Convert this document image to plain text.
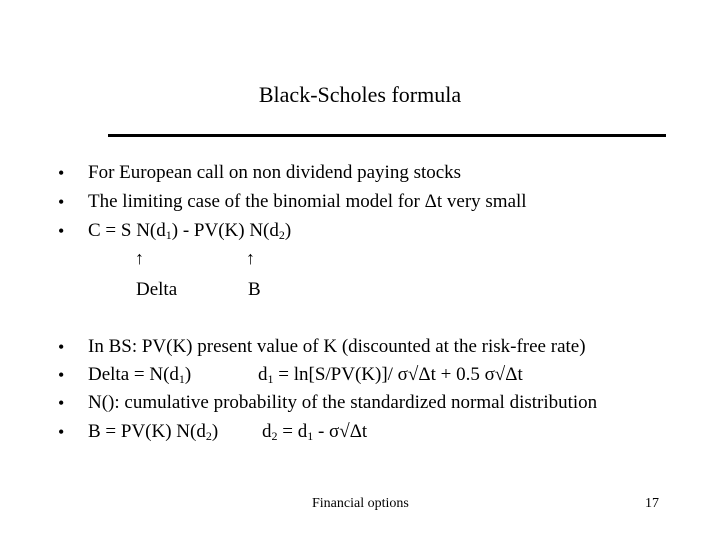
Black-Scholes formula
• For European call on non dividend paying stocks
• The limiting case of the binomial model for Δt very small
• C = S $N(d_1) - PV(K)$ $N(d_2)$
↑	↑
Delta	B
• In BS: PV(K) present value of K (discounted at the risk-free rate)
• Delta = $N(d_1)$	$d_1 = \ln[S/PV(K)]/$ σ√Δt + 0.5 σ√Δt
• N(): cumulative probability of the standardized normal distribution
• B = PV(K) $N(d_2) d_2 = d_1 - \sigma√\Delta t$
Financial options	17
